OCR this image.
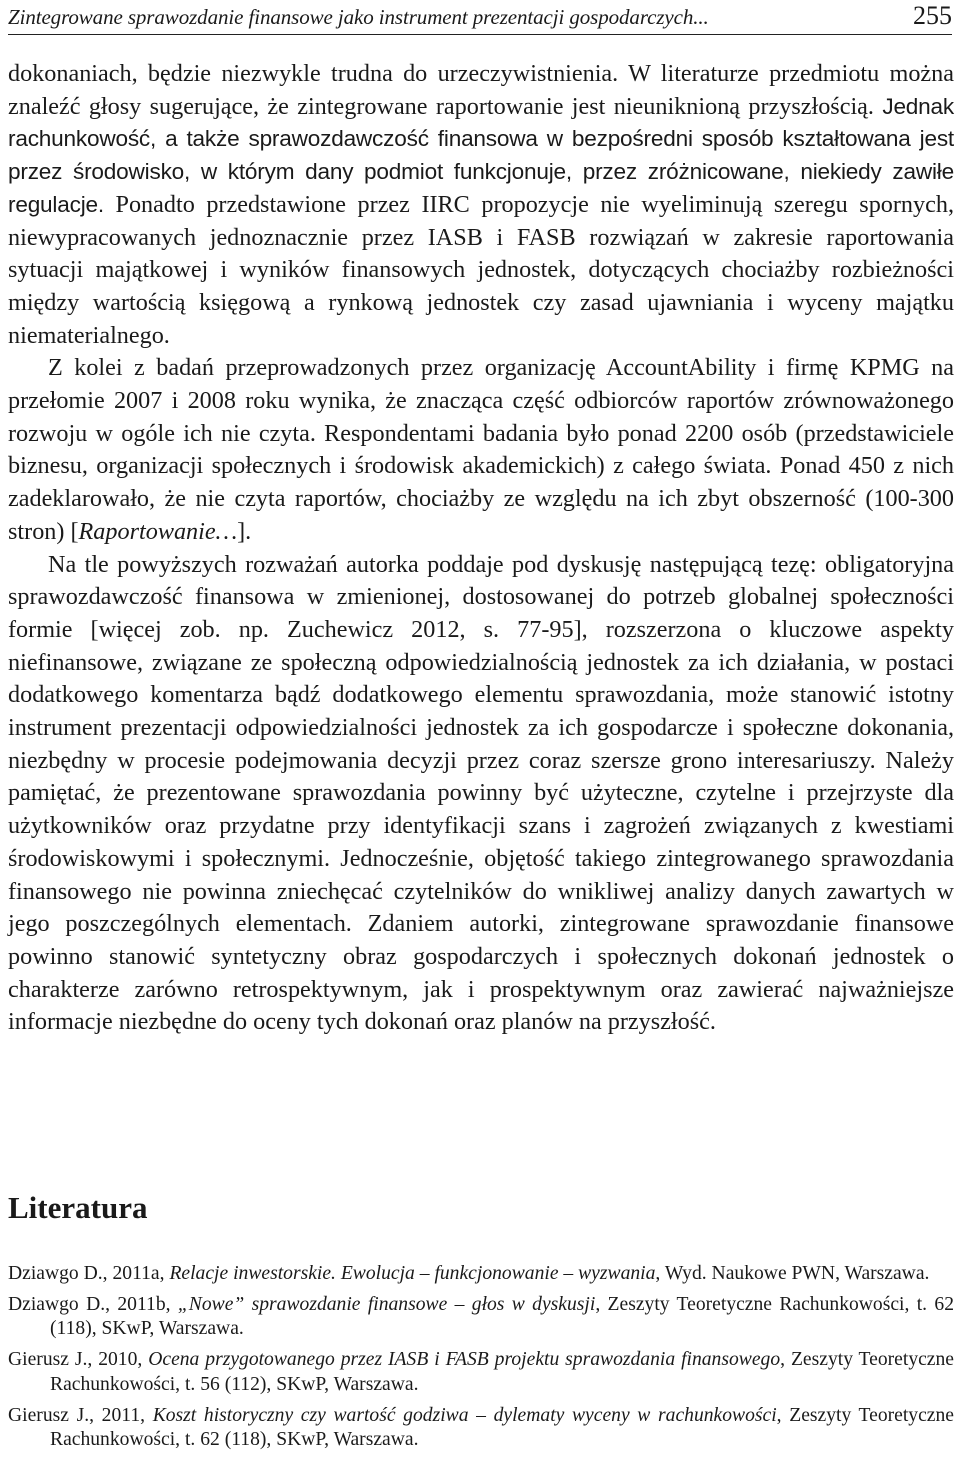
Zintegrowane sprawozdanie finansowe jako instrument prezentacji gospodarczych...	255

dokonaniach, będzie niezwykle trudna do urzeczywistnienia. W literaturze przedmiotu można znaleźć głosy sugerujące, że zintegrowane raportowanie jest nieuniknioną przyszłością. Jednak rachunkowość, a także sprawozdawczość finansowa w bezpośredni sposób kształtowana jest przez środowisko, w którym dany podmiot funkcjonuje, przez zróżnicowane, niekiedy zawiłe regulacje. Ponadto przedstawione przez IIRC propozycje nie wyeliminują szeregu spornych, niewypracowanych jednoznacznie przez IASB i FASB rozwiązań w zakresie raportowania sytuacji majątkowej i wyników finansowych jednostek, dotyczących chociażby rozbieżności między wartością księgową a rynkową jednostek czy zasad ujawniania i wyceny majątku niematerialnego.

Z kolei z badań przeprowadzonych przez organizację AccountAbility i firmę KPMG na przełomie 2007 i 2008 roku wynika, że znacząca część odbiorców raportów zrównoważonego rozwoju w ogóle ich nie czyta. Respondentami badania było ponad 2200 osób (przedstawiciele biznesu, organizacji społecznych i środowisk akademickich) z całego świata. Ponad 450 z nich zadeklarowało, że nie czyta raportów, chociażby ze względu na ich zbyt obszerność (100-300 stron) [Raportowanie…].

Na tle powyższych rozważań autorka poddaje pod dyskusję następującą tezę: obligatoryjna sprawozdawczość finansowa w zmienionej, dostosowanej do potrzeb globalnej społeczności formie [więcej zob. np. Zuchewicz 2012, s. 77-95], rozszerzona o kluczowe aspekty niefinansowe, związane ze społeczną odpowiedzialnością jednostek za ich działania, w postaci dodatkowego komentarza bądź dodatkowego elementu sprawozdania, może stanowić istotny instrument prezentacji odpowiedzialności jednostek za ich gospodarcze i społeczne dokonania, niezbędny w procesie podejmowania decyzji przez coraz szersze grono interesariuszy. Należy pamiętać, że prezentowane sprawozdania powinny być użyteczne, czytelne i przejrzyste dla użytkowników oraz przydatne przy identyfikacji szans i zagrożeń związanych z kwestiami środowiskowymi i społecznymi. Jednocześnie, objętość takiego zintegrowanego sprawozdania finansowego nie powinna zniechęcać czytelników do wnikliwej analizy danych zawartych w jego poszczególnych elementach. Zdaniem autorki, zintegrowane sprawozdanie finansowe powinno stanowić syntetyczny obraz gospodarczych i społecznych dokonań jednostek o charakterze zarówno retrospektywnym, jak i prospektywnym oraz zawierać najważniejsze informacje niezbędne do oceny tych dokonań oraz planów na przyszłość.

Literatura

Dziawgo D., 2011a, Relacje inwestorskie. Ewolucja – funkcjonowanie – wyzwania, Wyd. Naukowe PWN, Warszawa.

Dziawgo D., 2011b, „Nowe” sprawozdanie finansowe – głos w dyskusji, Zeszyty Teoretyczne Rachunkowości, t. 62 (118), SKwP, Warszawa.

Gierusz J., 2010, Ocena przygotowanego przez IASB i FASB projektu sprawozdania finansowego, Zeszyty Teoretyczne Rachunkowości, t. 56 (112), SKwP, Warszawa.

Gierusz J., 2011, Koszt historyczny czy wartość godziwa – dylematy wyceny w rachunkowości, Zeszyty Teoretyczne Rachunkowości, t. 62 (118), SKwP, Warszawa.
